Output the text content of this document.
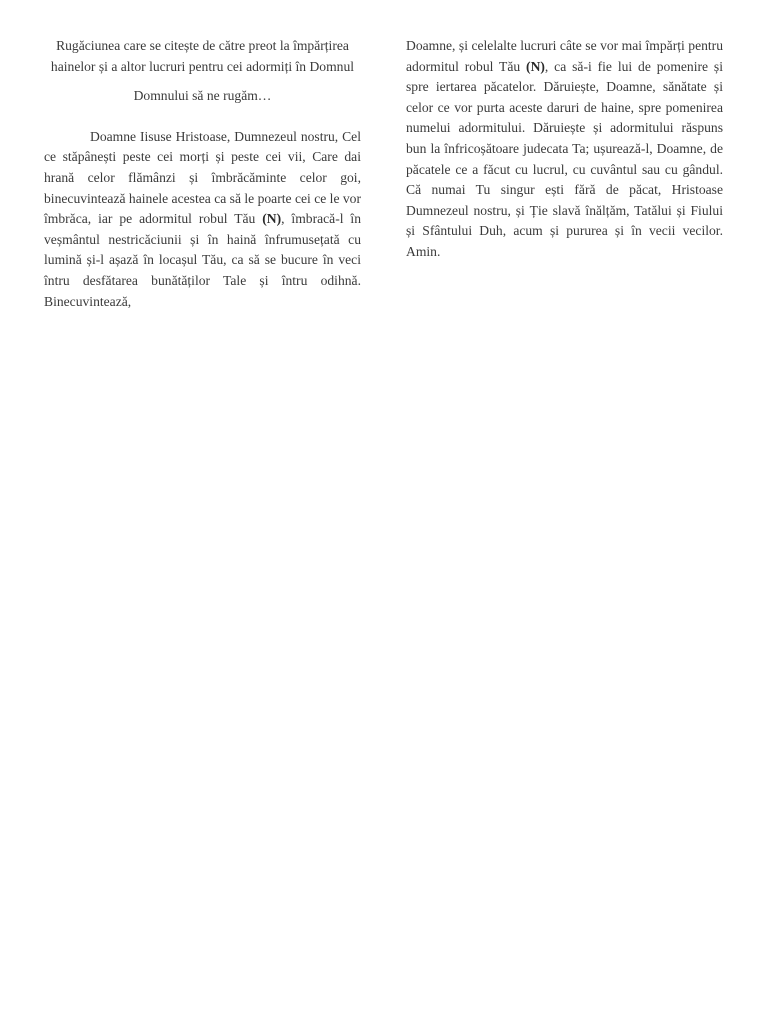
Rugăciunea care se citește de către preot la împărțirea hainelor și a altor lucruri pentru cei adormiți în Domnul

Domnului să ne rugăm…

Doamne Iisuse Hristoase, Dumnezeul nostru, Cel ce stăpânești peste cei morți și peste cei vii, Care dai hrană celor flămânzi și îmbrăcăminte celor goi, binecuvintează hainele acestea ca să le poarte cei ce le vor îmbrăca, iar pe adormitul robul Tău (N), îmbracă-l în veșmântul nestricăciunii și în haină înfrumusețată cu lumină și-l așază în locașul Tău, ca să se bucure în veci întru desfătarea bunătăților Tale și întru odihnă. Binecuvintează,

Doamne, și celelalte lucruri câte se vor mai împărți pentru adormitul robul Tău (N), ca să-i fie lui de pomenire și spre iertarea păcatelor. Dăruiește, Doamne, sănătate și celor ce vor purta aceste daruri de haine, spre pomenirea numelui adormitului. Dăruiește și adormitului răspuns bun la înfricoșătoare judecata Ta; ușurează-l, Doamne, de păcatele ce a făcut cu lucrul, cu cuvântul sau cu gândul. Că numai Tu singur ești fără de păcat, Hristoase Dumnezeul nostru, și Ție slavă înălțăm, Tatălui și Fiului și Sfântului Duh, acum și pururea și în vecii vecilor. Amin.
